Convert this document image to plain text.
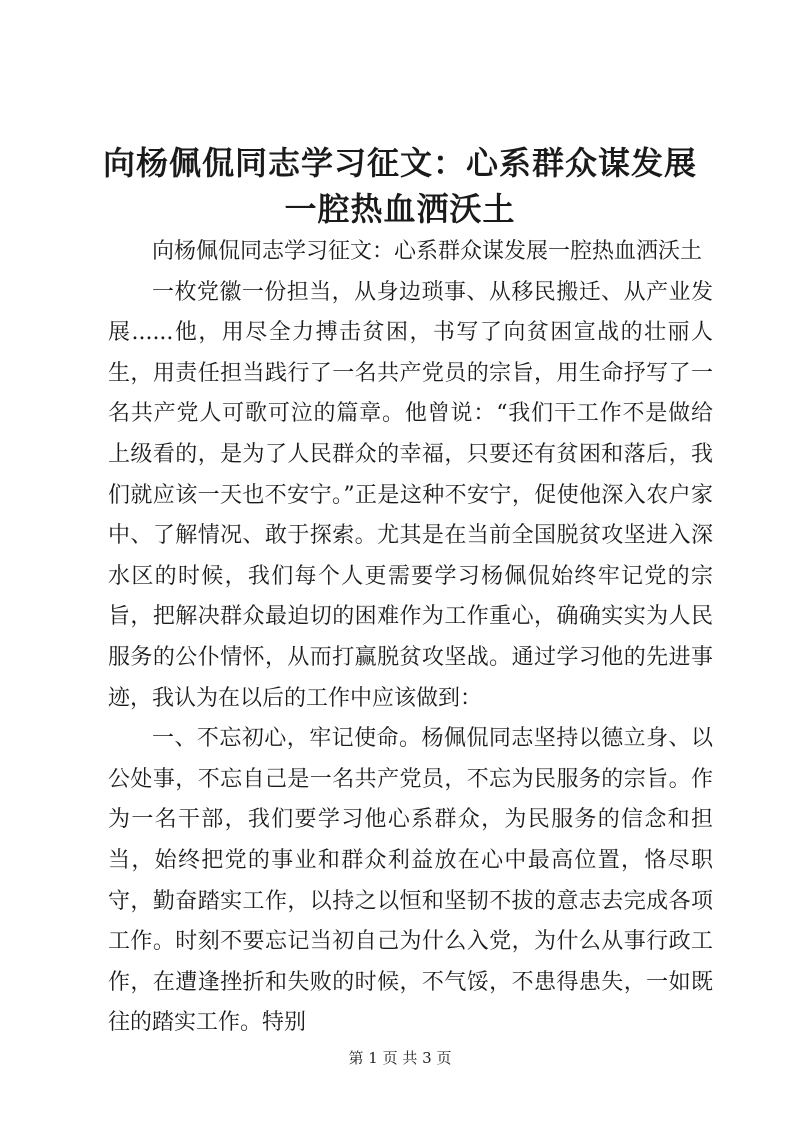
向杨佩侃同志学习征文：心系群众谋发展一腔热血洒沃土

向杨佩侃同志学习征文：心系群众谋发展一腔热血洒沃土

一枚党徽一份担当，从身边琐事、从移民搬迁、从产业发展......他，用尽全力搏击贫困，书写了向贫困宣战的壮丽人生，用责任担当践行了一名共产党员的宗旨，用生命抒写了一名共产党人可歌可泣的篇章。他曾说：“我们干工作不是做给上级看的，是为了人民群众的幸福，只要还有贫困和落后，我们就应该一天也不安宁。”正是这种不安宁，促使他深入农户家中、了解情况、敢于探索。尤其是在当前全国脱贫攻坚进入深水区的时候，我们每个人更需要学习杨佩侃始终牢记党的宗旨，把解决群众最迫切的困难作为工作重心，确确实实为人民服务的公仆情怀，从而打赢脱贫攻坚战。通过学习他的先进事迹，我认为在以后的工作中应该做到：

一、不忘初心，牢记使命。杨佩侃同志坚持以德立身、以公处事，不忘自己是一名共产党员，不忘为民服务的宗旨。作为一名干部，我们要学习他心系群众，为民服务的信念和担当，始终把党的事业和群众利益放在心中最高位置，恪尽职守，勤奋踏实工作，以持之以恒和坚韧不拔的意志去完成各项工作。时刻不要忘记当初自己为什么入党，为什么从事行政工作，在遭逢挫折和失败的时候，不气馁，不患得患失，一如既往的踏实工作。特别

第 1 页 共 3 页
